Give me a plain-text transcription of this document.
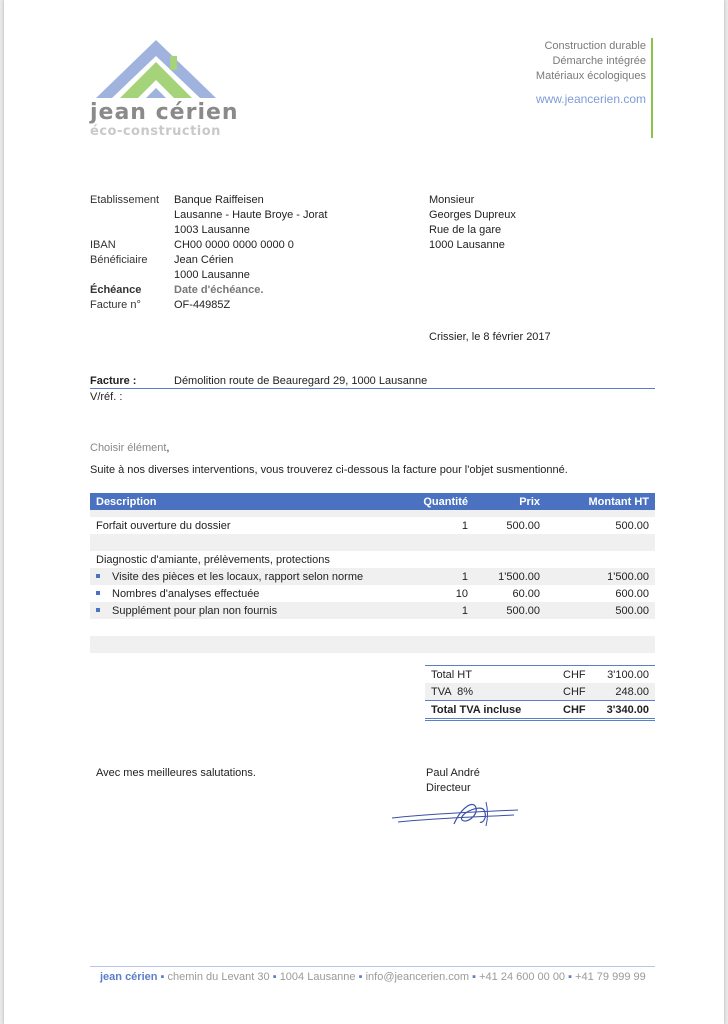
jean cérien
éco-construction
Construction durable
Démarche intégrée
Matériaux écologiques
www.jeancerien.com
Etablissement	Banque Raiffeisen
Lausanne - Haute Broye - Jorat
1003 Lausanne
IBAN	CH00 0000 0000 0000 0
Bénéficiaire	Jean Cérien
1000 Lausanne
Échéance	Date d'échéance.
Facture n°	OF-44985Z
Monsieur
Georges Dupreux
Rue de la gare
1000 Lausanne
Crissier, le 8 février 2017
Facture :	Démolition route de Beauregard 29, 1000 Lausanne
V/réf. :
Choisir élément,
Suite à nos diverses interventions, vous trouverez ci-dessous la facture pour l'objet susmentionné.
Description	Quantité	Prix	Montant HT

Forfait ouverture du dossier	1	500.00	500.00

Diagnostic d'amiante, prélèvements, protections			
Visite des pièces et les locaux, rapport selon norme	1	1'500.00	1'500.00
Nombres d'analyses effectuée	10	60.00	600.00
Supplément pour plan non fournis	1	500.00	500.00

Total HT	CHF	3'100.00
TVA  8%	CHF	248.00
Total TVA incluse	CHF	3'340.00
Avec mes meilleures salutations.	Paul André
Directeur
jean cérien ▪ chemin du Levant 30 ▪ 1004 Lausanne ▪ info@jeancerien.com ▪ +41 24 600 00 00 ▪ +41 79 999 99
